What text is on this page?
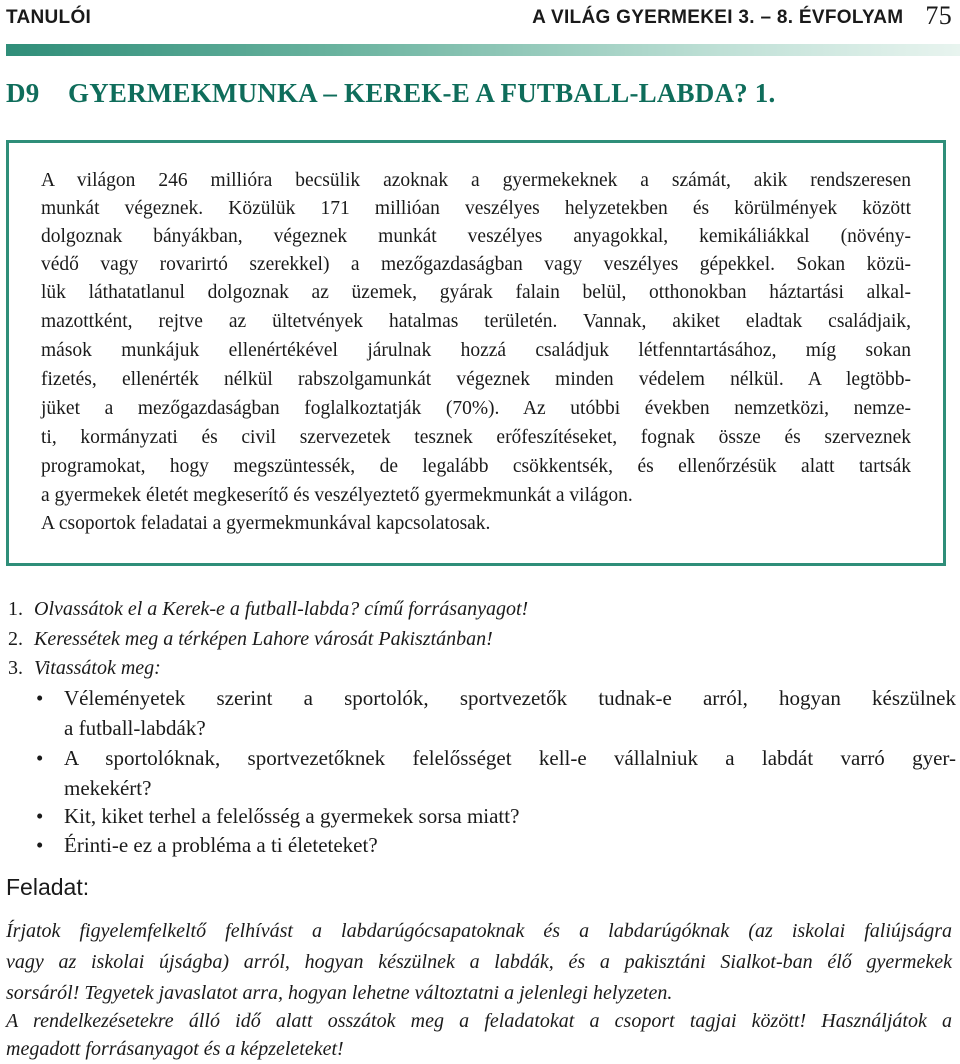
TANULÓI	A VILÁG GYERMEKEI 3. – 8. ÉVFOLYAM 75
D9 GYERMEKMUNKA – KEREK-E A FUTBALL-LABDA? 1.
A világon 246 millióra becsülik azoknak a gyermekeknek a számát, akik rendszeresen
munkát végeznek. Közülük 171 millióan veszélyes helyzetekben és körülmények között
dolgoznak bányákban, végeznek munkát veszélyes anyagokkal, kemikáliákkal (növény-
védő vagy rovarirtó szerekkel) a mezőgazdaságban vagy veszélyes gépekkel. Sokan közü-
lük láthatatlanul dolgoznak az üzemek, gyárak falain belül, otthonokban háztartási alkal-
mazottként, rejtve az ültetvények hatalmas területén. Vannak, akiket eladtak családjaik,
mások munkájuk ellenértékével járulnak hozzá családjuk létfenntartásához, míg sokan
fizetés, ellenérték nélkül rabszolgamunkát végeznek minden védelem nélkül. A legtöbb-
jüket a mezőgazdaságban foglalkoztatják (70%). Az utóbbi években nemzetközi, nemze-
ti, kormányzati és civil szervezetek tesznek erőfeszítéseket, fognak össze és szerveznek
programokat, hogy megszüntessék, de legalább csökkentsék, és ellenőrzésük alatt tartsák
a gyermekek életét megkeserítő és veszélyeztető gyermekmunkát a világon.
A csoportok feladatai a gyermekmunkával kapcsolatosak.
1. Olvassátok el a Kerek-e a futball-labda? című forrásanyagot!
2. Keressétek meg a térképen Lahore városát Pakisztánban!
3. Vitassátok meg:
• Véleményetek szerint a sportolók, sportvezetők tudnak-e arról, hogyan készülnek
a futball-labdák?
• A sportolóknak, sportvezetőknek felelősséget kell-e vállalniuk a labdát varró gyer-
mekekért?
• Kit, kiket terhel a felelősség a gyermekek sorsa miatt?
• Érinti-e ez a probléma a ti életeteket?
Feladat:
Írjatok figyelemfelkeltő felhívást a labdarúgócsapatoknak és a labdarúgóknak (az iskolai faliújságra
vagy az iskolai újságba) arról, hogyan készülnek a labdák, és a pakisztáni Sialkot-ban élő gyermekek
sorsáról! Tegyetek javaslatot arra, hogyan lehetne változtatni a jelenlegi helyzeten.
A rendelkezésetekre álló idő alatt osszátok meg a feladatokat a csoport tagjai között! Használjátok a
megadott forrásanyagot és a képzeleteket!
